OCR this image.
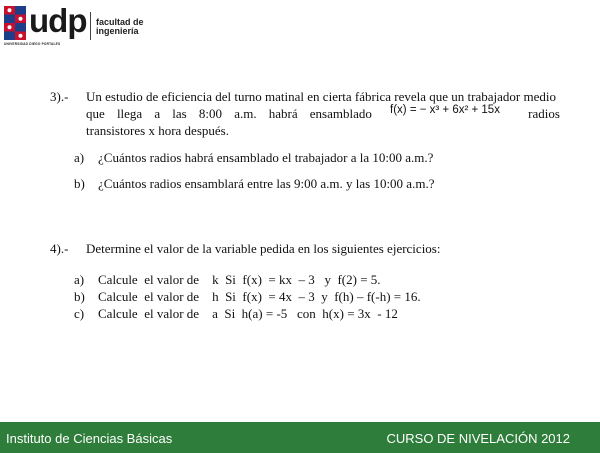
udp
UNIVERSIDAD DIEGO PORTALES
facultad de
ingeniería
3).-	Un estudio de eficiencia del turno matinal en cierta fábrica revela que un trabajador medio
que llega a las 8:00 a.m. habrá ensamblado	f(x) = − x³ + 6x² + 15x	radios
transistores x hora después.
a)	¿Cuántos radios habrá ensamblado el trabajador a la 10:00 a.m.?
b)	¿Cuántos radios ensamblará entre las 9:00 a.m. y las 10:00 a.m.?
4).-	Determine el valor de la variable pedida en los siguientes ejercicios:
a)	Calcule  el valor de    k  Si  f(x)  = kx  – 3   y  f(2) = 5.
b)	Calcule  el valor de    h  Si  f(x)  = 4x  – 3  y  f(h) – f(-h) = 16.
c)	Calcule  el valor de    a  Si  h(a) = -5   con  h(x) = 3x  - 12
Instituto de Ciencias Básicas	CURSO DE NIVELACIÓN 2012
